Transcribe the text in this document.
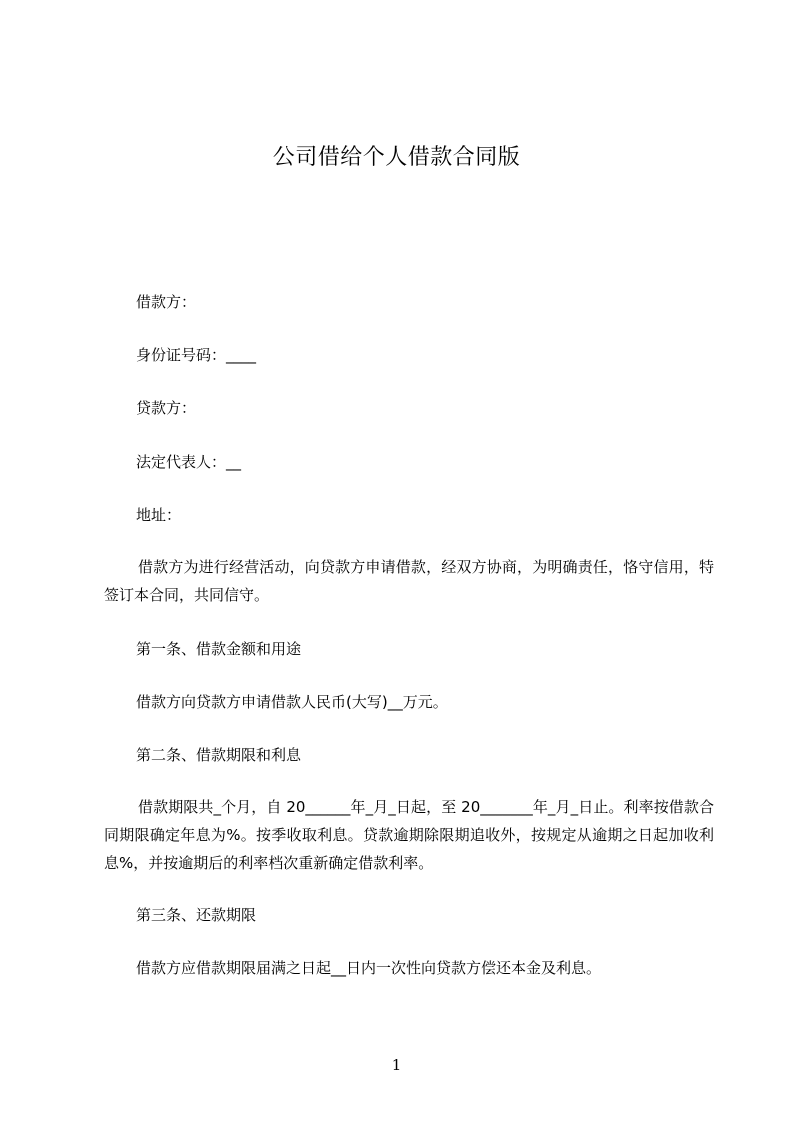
公司借给个人借款合同版
借款方：
身份证号码：____
贷款方：
法定代表人：__
地址：
借款方为进行经营活动，向贷款方申请借款，经双方协商，为明确责任，恪守信用，特签订本合同，共同信守。
第一条、借款金额和用途
借款方向贷款方申请借款人民币(大写)__万元。
第二条、借款期限和利息
借款期限共_个月，自 20______年_月_日起，至 20_______年_月_日止。利率按借款合同期限确定年息为%。按季收取利息。贷款逾期除限期追收外，按规定从逾期之日起加收利息%，并按逾期后的利率档次重新确定借款利率。
第三条、还款期限
借款方应借款期限届满之日起__日内一次性向贷款方偿还本金及利息。
1
